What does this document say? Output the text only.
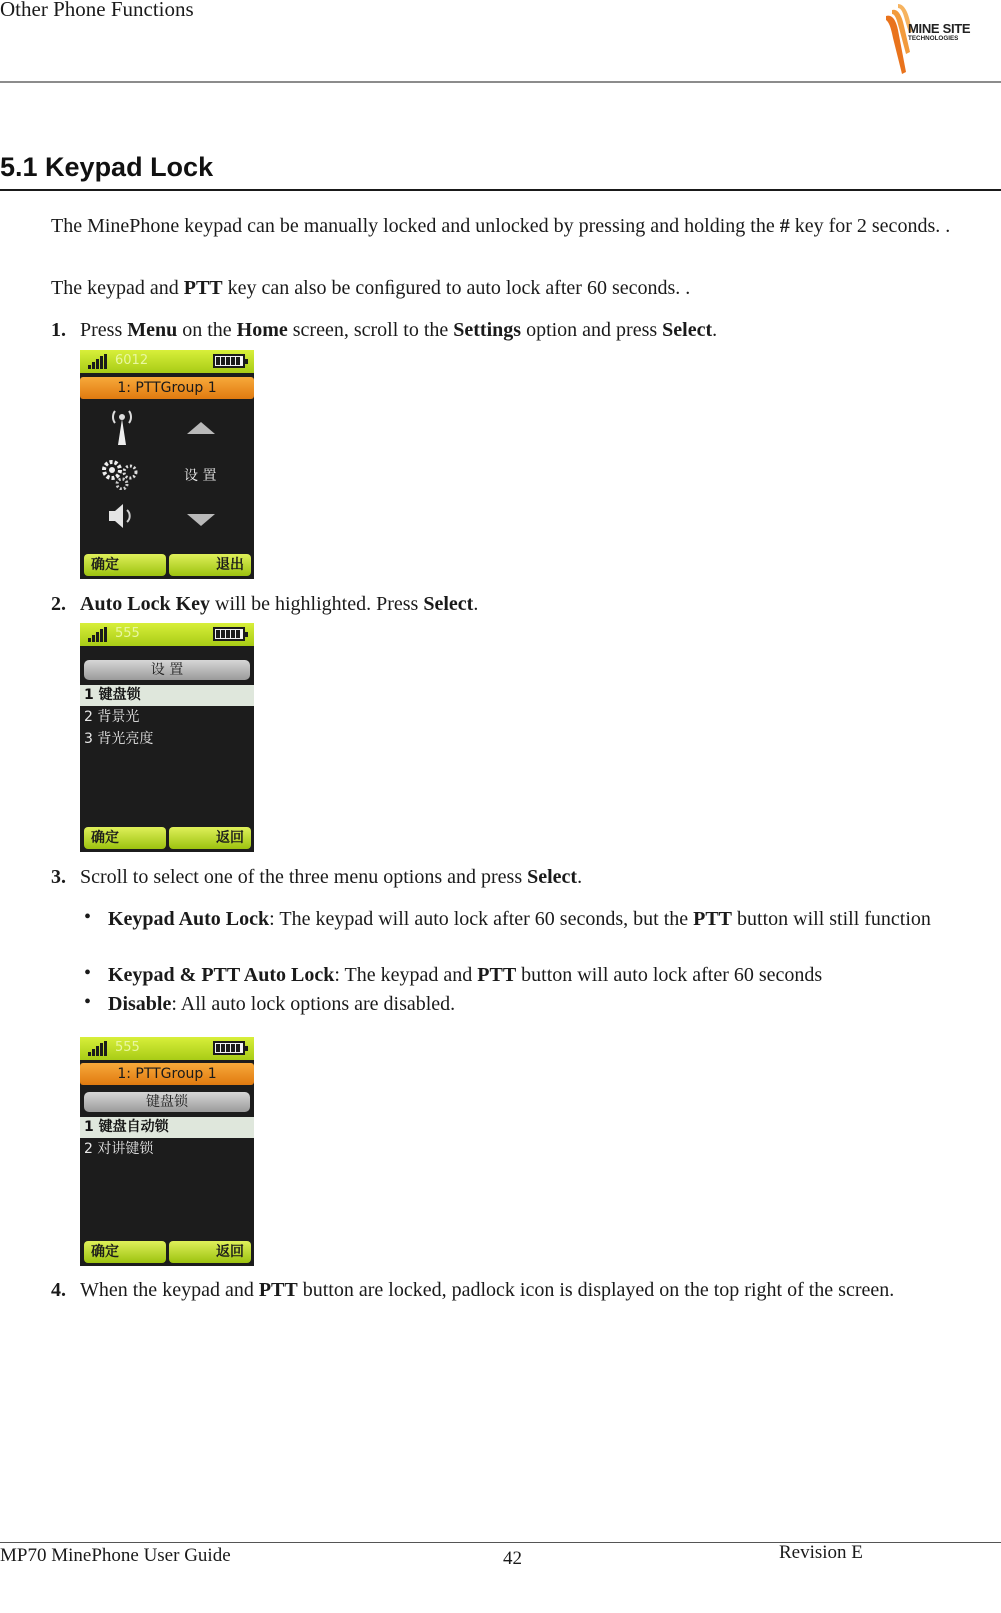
Other Phone Functions
MINE SITE
TECHNOLOGIES
5.1 Keypad Lock
The MinePhone keypad can be manually locked and unlocked by pressing and holding the # key for 2 seconds. .
The keypad and PTT key can also be conﬁgured to auto lock after 60 seconds. .
1. Press Menu on the Home screen, scroll to the Settings option and press Select.
6012
1: PTTGroup 1
设 置
确定	退出
2. Auto Lock Key will be highlighted. Press Select.
555
设 置
1 键盘锁
2 背景光
3 背光亮度
确定	返回
3. Scroll to select one of the three menu options and press Select.
• Keypad Auto Lock: The keypad will auto lock after 60 seconds, but the PTT button will still function
• Keypad & PTT Auto Lock: The keypad and PTT button will auto lock after 60 seconds
• Disable: All auto lock options are disabled.
555
1: PTTGroup 1
键盘锁
1 键盘自动锁
2 对讲键锁
确定	返回
4. When the keypad and PTT button are locked, padlock icon is displayed on the top right of the screen.
MP70 MinePhone User Guide	42	Revision E
